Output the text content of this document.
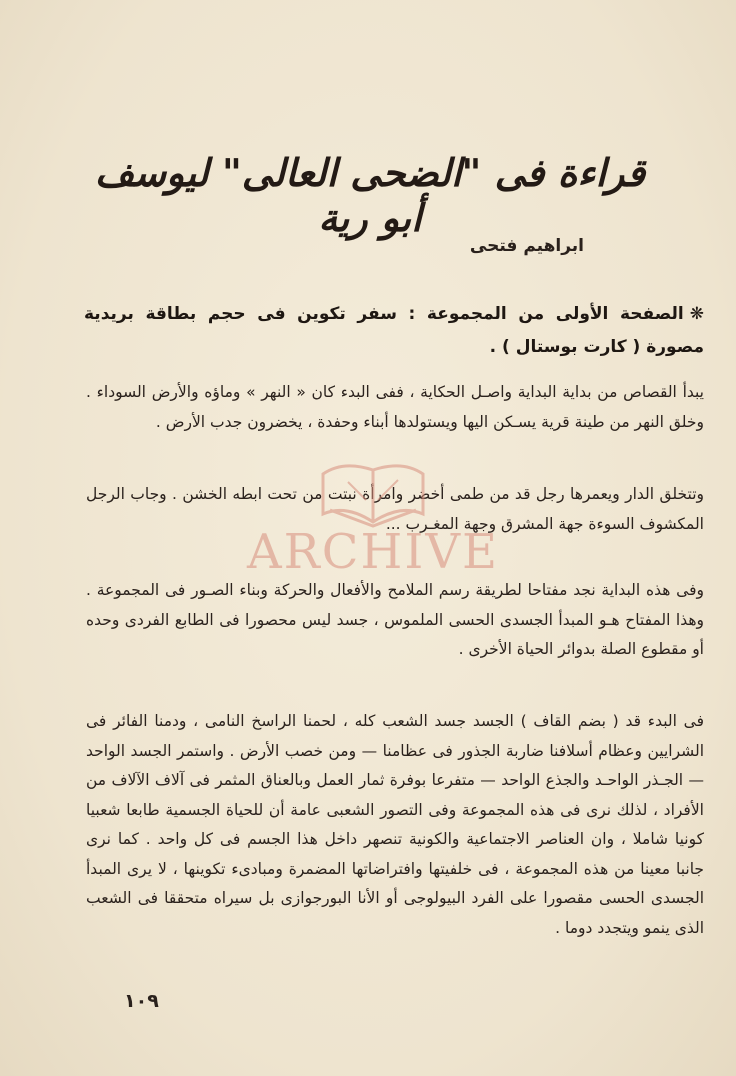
قراءة فى "الضحى العالى" ليوسف أبو رية
ابراهيم فتحى
❋الصفحة الأولى من المجموعة : سفر تكوين فى حجم بطاقة بريدية مصورة ( كارت بوستال ) .
يبدأ القصاص من بداية البداية واصـل الحكاية ، ففى البدء كان « النهر » وماؤه والأرض السوداء . وخلق النهر من طينة قرية يسـكن اليها ويستولدها أبناء وحفدة ، يخضرون جدب الأرض .
وتتخلق الدار ويعمرها رجل قد من طمى أخضر وامرأة نبتت من تحت ابطه الخشن . وجاب الرجل المكشوف السوءة جهة المشرق وجهة المغـرب ...
وفى هذه البداية نجد مفتاحا لطريقة رسم الملامح والأفعال والحركة وبناء الصـور فى المجموعة . وهذا المفتاح هـو المبدأ الجسدى الحسى الملموس ، جسد ليس محصورا فى الطابع الفردى وحده أو مقطوع الصلة بدوائر الحياة الأخرى .
فى البدء قد ( بضم القاف ) الجسد جسد الشعب كله ، لحمنا الراسخ النامى ، ودمنا الفائر فى الشرايين وعظام أسلافنا ضاربة الجذور فى عظامنا — ومن خصب الأرض . واستمر الجسد الواحد — الجـذر الواحـد والجذع الواحد — متفرعا بوفرة ثمار العمل وبالعناق المثمر فى آلاف الآلاف من الأفراد ، لذلك نرى فى هذه المجموعة وفى التصور الشعبى عامة أن للحياة الجسمية طابعا شعبيا كونيا شاملا ، وان العناصر الاجتماعية والكونية تنصهر داخل هذا الجسم فى كل واحد . كما نرى جانبا معينا من هذه المجموعة ، فى خلفيتها وافتراضاتها المضمرة ومبادىء تكوينها ، لا يرى المبدأ الجسدى الحسى مقصورا على الفرد البيولوجى أو الأنا البورجوازى بل سيراه متحققا فى الشعب الذى ينمو ويتجدد دوما .
١٠٩
ARCHIVE
